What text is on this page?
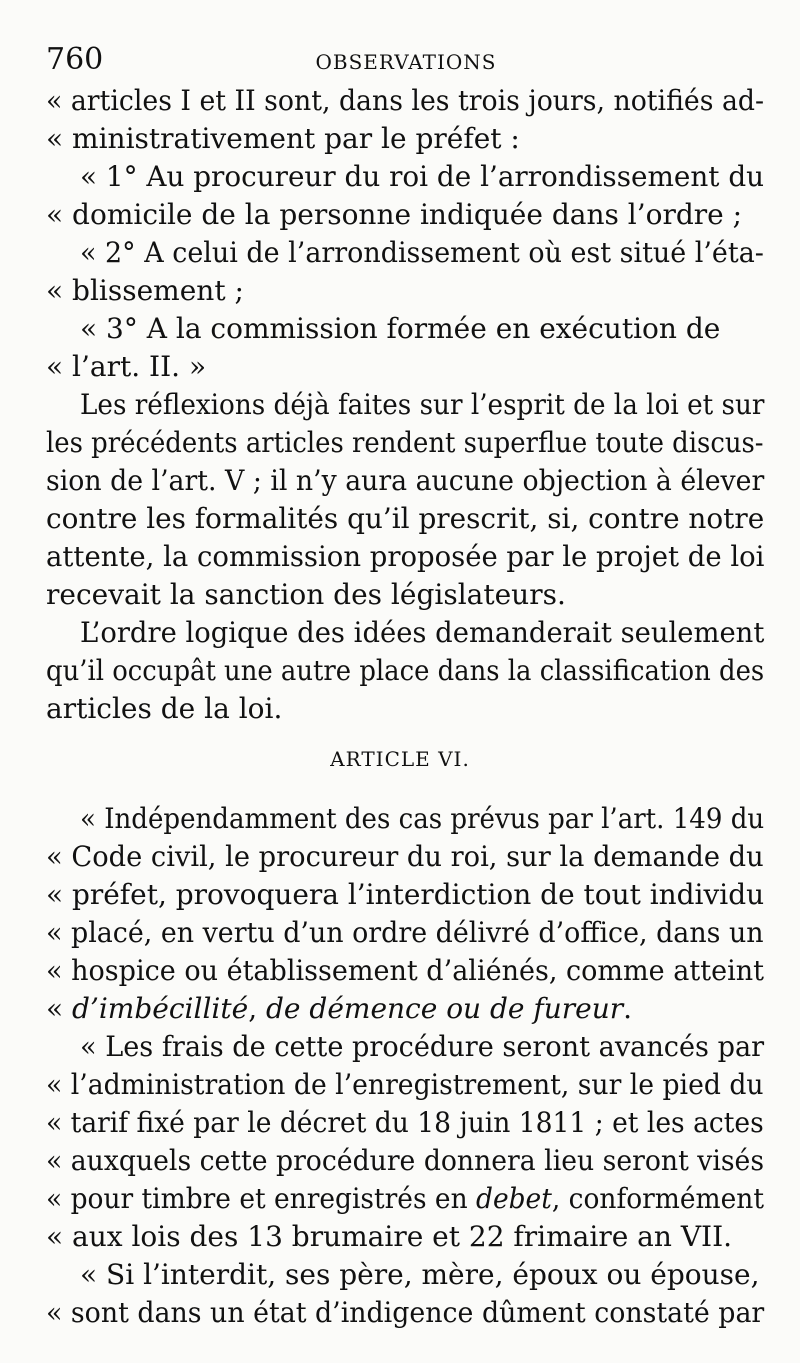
760	OBSERVATIONS
« articles I et II sont, dans les trois jours, notifiés ad-
« ministrativement par le préfet :
« 1° Au procureur du roi de l’arrondissement du
« domicile de la personne indiquée dans l’ordre ;
« 2° A celui de l’arrondissement où est situé l’éta-
« blissement ;
« 3° A la commission formée en exécution de
« l’art. II. »
Les réflexions déjà faites sur l’esprit de la loi et sur
les précédents articles rendent superflue toute discus-
sion de l’art. V ; il n’y aura aucune objection à élever
contre les formalités qu’il prescrit, si, contre notre
attente, la commission proposée par le projet de loi
recevait la sanction des législateurs.
L’ordre logique des idées demanderait seulement
qu’il occupât une autre place dans la classification des
articles de la loi.
ARTICLE VI.
« Indépendamment des cas prévus par l’art. 149 du
« Code civil, le procureur du roi, sur la demande du
« préfet, provoquera l’interdiction de tout individu
« placé, en vertu d’un ordre délivré d’office, dans un
« hospice ou établissement d’aliénés, comme atteint
« d’imbécillité, de démence ou de fureur.
« Les frais de cette procédure seront avancés par
« l’administration de l’enregistrement, sur le pied du
« tarif fixé par le décret du 18 juin 1811 ; et les actes
« auxquels cette procédure donnera lieu seront visés
« pour timbre et enregistrés en debet, conformément
« aux lois des 13 brumaire et 22 frimaire an VII.
« Si l’interdit, ses père, mère, époux ou épouse,
« sont dans un état d’indigence dûment constaté par
